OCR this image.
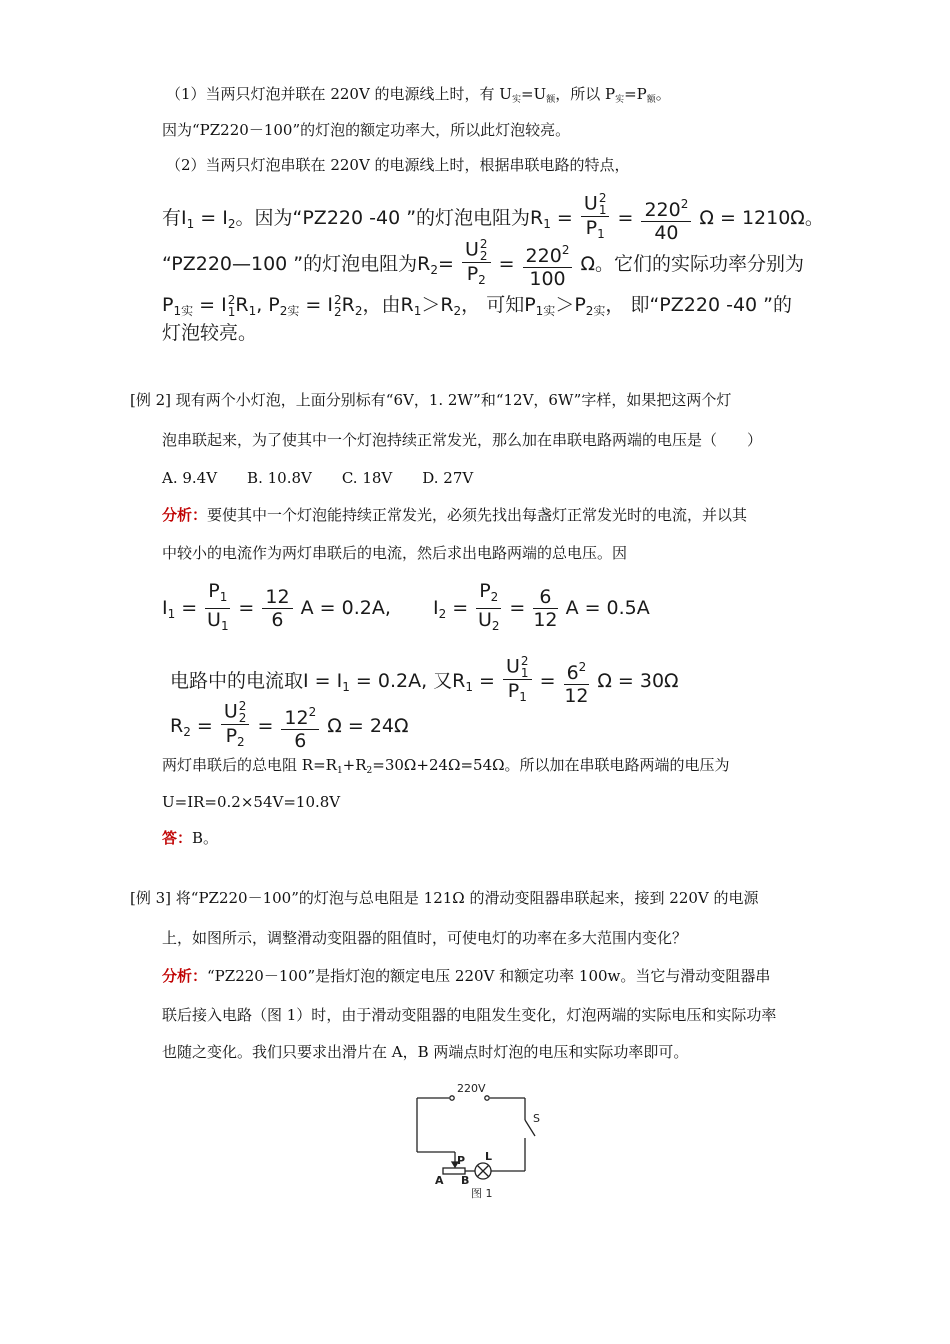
（1）当两只灯泡并联在 220V 的电源线上时，有 $U_实=U_额$，所以 $P_实=P_额$。
因为“PZ220－100”的灯泡的额定功率大，所以此灯泡较亮。
（2）当两只灯泡串联在 220V 的电源线上时，根据串联电路的特点，
有$I_1 = I_2$。因为“PZ220 -40 ”的灯泡电阻为$R_1 = U$ 2
1
$P_1 = \frac{220^2}{40}$ Ω = 1210Ω。
“PZ220—100 ”的灯泡电阻为$R_2= U$ 2
2
$P_2 = \frac{220^2}{100}$ Ω。它们的实际功率分别为
$P_{1实} = I$ 2
1 $R_1$, $P_{2实} = I$ 2
2 $R_2$，由$R_1>R_2$， 可知$P_{1实}>P_{2实}$， 即“PZ220 -40 ”的
灯泡较亮。
[例 2] 现有两个小灯泡，上面分别标有“6V，1. 2W”和“12V，6W”字样，如果把这两个灯
泡串联起来，为了使其中一个灯泡持续正常发光，那么加在串联电路两端的电压是（　　）
A. 9.4V　　B. 10.8V　　C. 18V　　D. 27V
分析：要使其中一个灯泡能持续正常发光，必须先找出每盏灯正常发光时的电流，并以其
中较小的电流作为两灯串联后的电流，然后求出电路两端的总电压。因
$I_1 = \frac{P_1}{U_1} = \frac{12}{6}$ A = 0.2A, $I_2 = \frac{P_2}{U_2} = \frac{6}{12}$ A = 0.5A
电路中的电流取$I = I_1 = 0.2A$, 又$R_1 = U$ 2
1
$P_1 = \frac{6^2}{12}$ Ω = 30Ω
$R_2 = U$ 2
2
$P_2 = \frac{12^2}{6}$ Ω = 24Ω
两灯串联后的总电阻 $R=R_1+R_2=30\Omega+24\Omega=54\Omega$。所以加在串联电路两端的电压为
U=IR=0.2×54V=10.8V
答：B。
[例 3] 将“PZ220－100”的灯泡与总电阻是 121Ω 的滑动变阻器串联起来，接到 220V 的电源
上，如图所示，调整滑动变阻器的阻值时，可使电灯的功率在多大范围内变化？
分析：“PZ220－100”是指灯泡的额定电压 220V 和额定功率 100w。当它与滑动变阻器串
联后接入电路（图 1）时，由于滑动变阻器的电阻发生变化，灯泡两端的实际电压和实际功率
也随之变化。我们只要求出滑片在 A，B 两端点时灯泡的电压和实际功率即可。
220V
S
P L
A B
图 1
